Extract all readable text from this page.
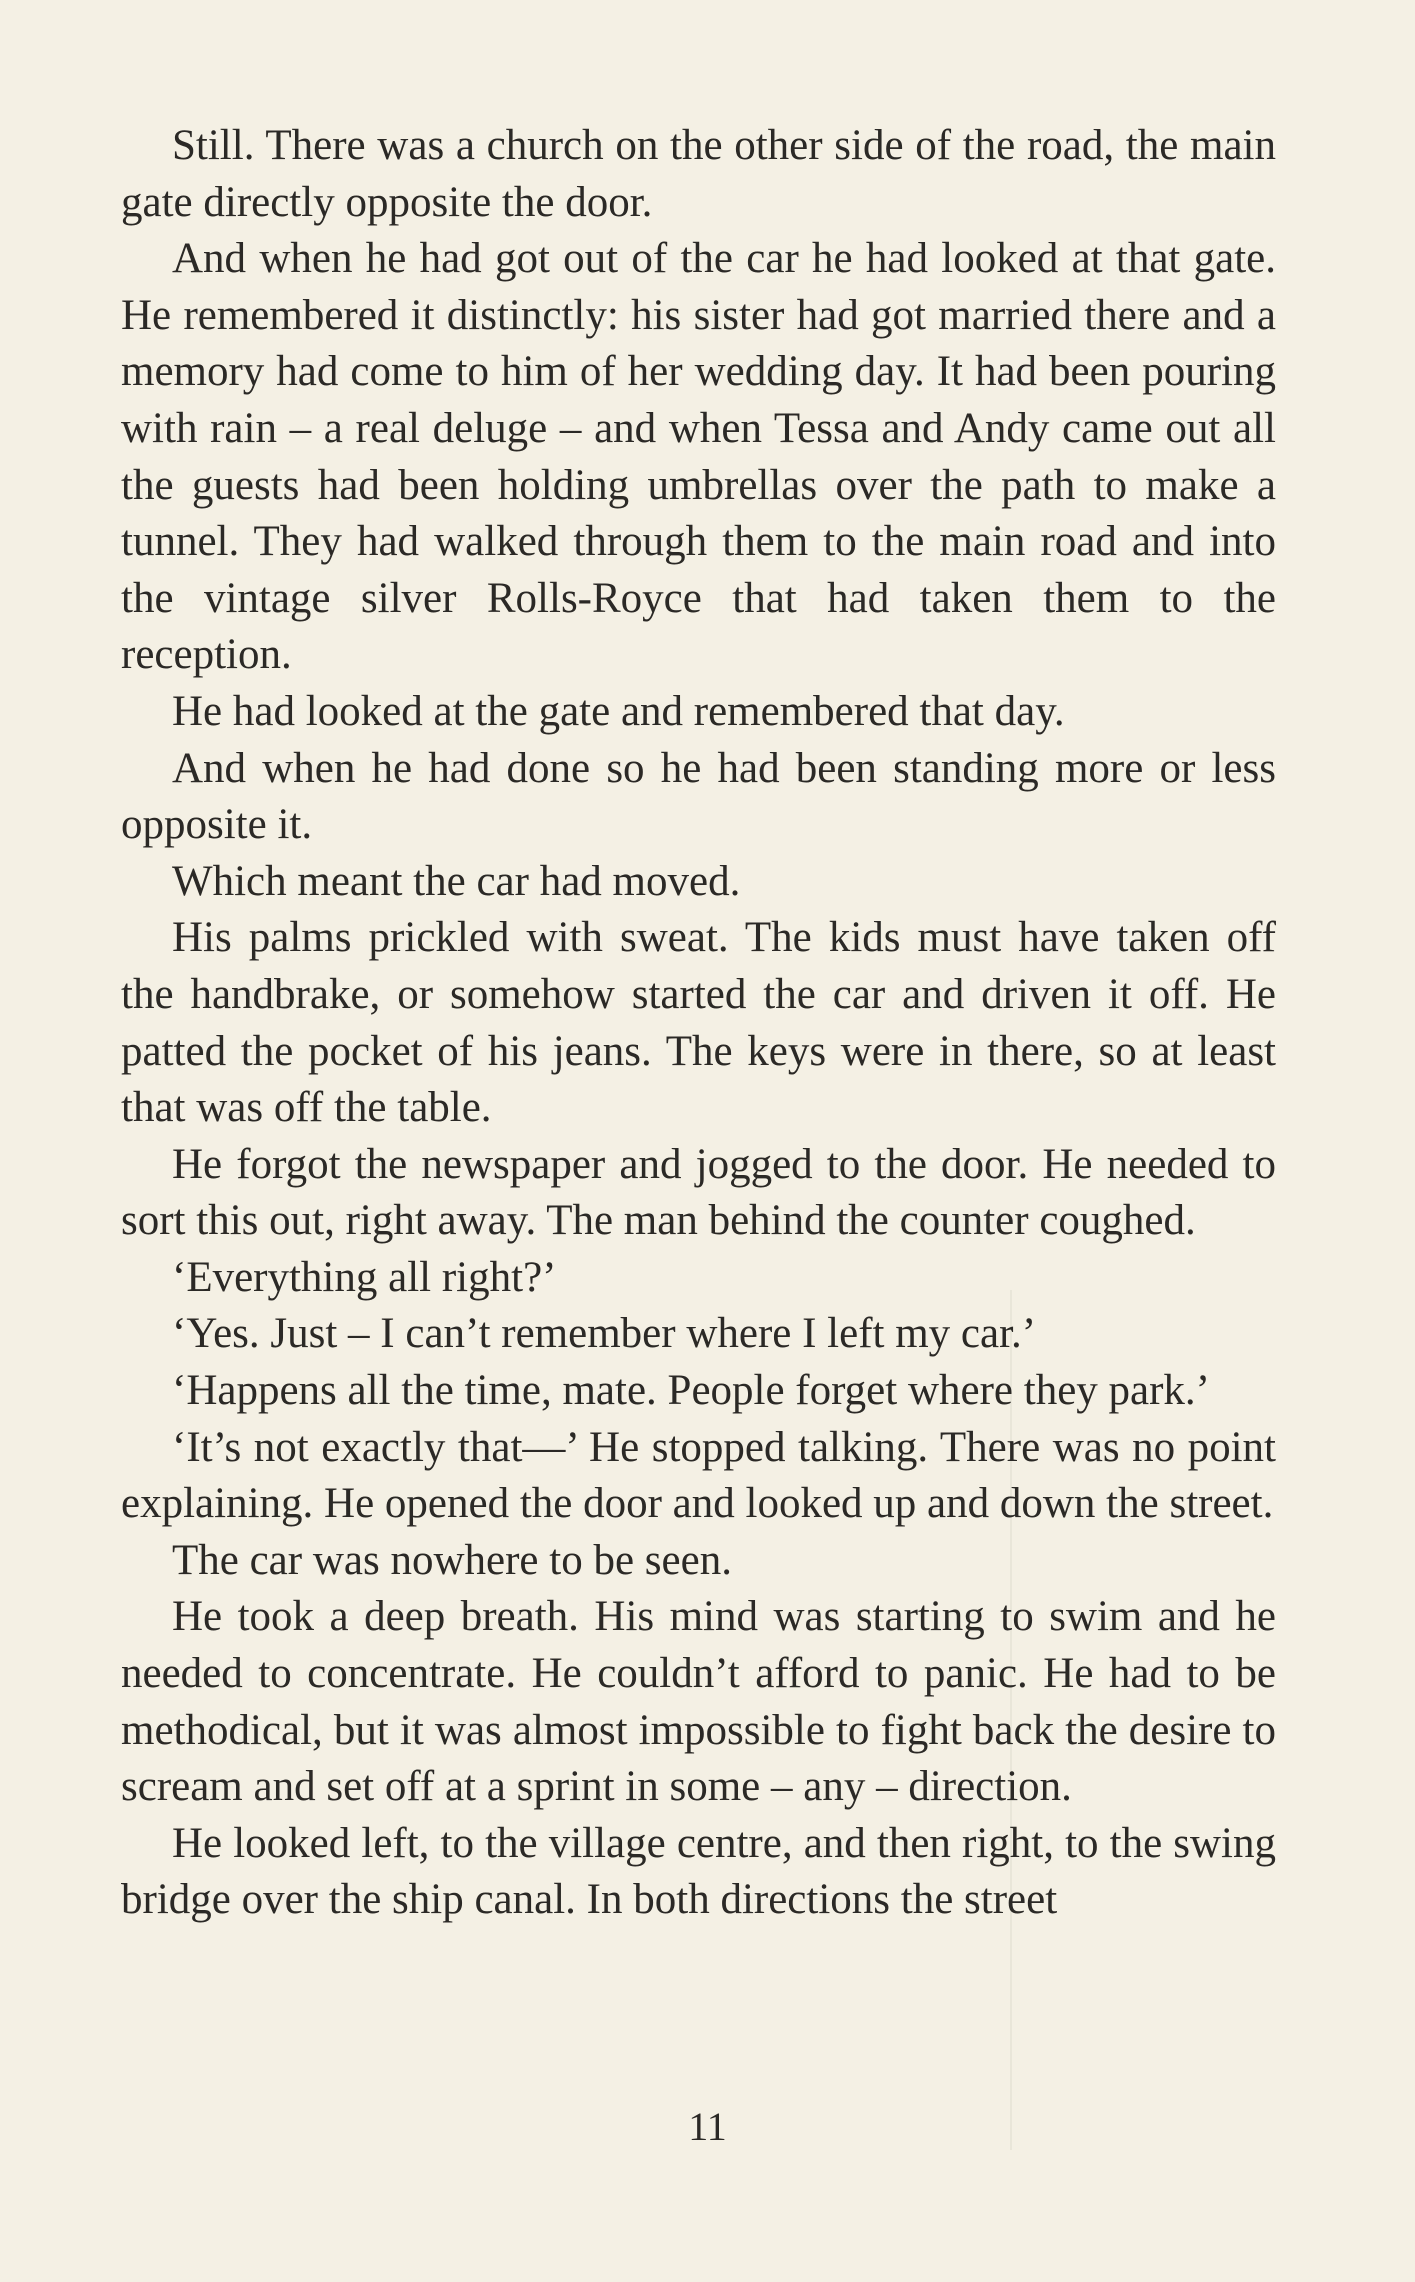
Still. There was a church on the other side of the road, the main gate directly opposite the door.

And when he had got out of the car he had looked at that gate. He remembered it distinctly: his sister had got married there and a memory had come to him of her wedding day. It had been pouring with rain – a real deluge – and when Tessa and Andy came out all the guests had been holding umbrellas over the path to make a tunnel. They had walked through them to the main road and into the vintage silver Rolls-Royce that had taken them to the reception.

He had looked at the gate and remembered that day.

And when he had done so he had been standing more or less opposite it.

Which meant the car had moved.

His palms prickled with sweat. The kids must have taken off the handbrake, or somehow started the car and driven it off. He patted the pocket of his jeans. The keys were in there, so at least that was off the table.

He forgot the newspaper and jogged to the door. He needed to sort this out, right away. The man behind the counter coughed.

‘Everything all right?’

‘Yes. Just – I can’t remember where I left my car.’

‘Happens all the time, mate. People forget where they park.’

‘It’s not exactly that—’ He stopped talking. There was no point explaining. He opened the door and looked up and down the street.

The car was nowhere to be seen.

He took a deep breath. His mind was starting to swim and he needed to concentrate. He couldn’t afford to panic. He had to be methodical, but it was almost impossible to fight back the desire to scream and set off at a sprint in some – any – direction.

He looked left, to the village centre, and then right, to the swing bridge over the ship canal. In both directions the street

11
